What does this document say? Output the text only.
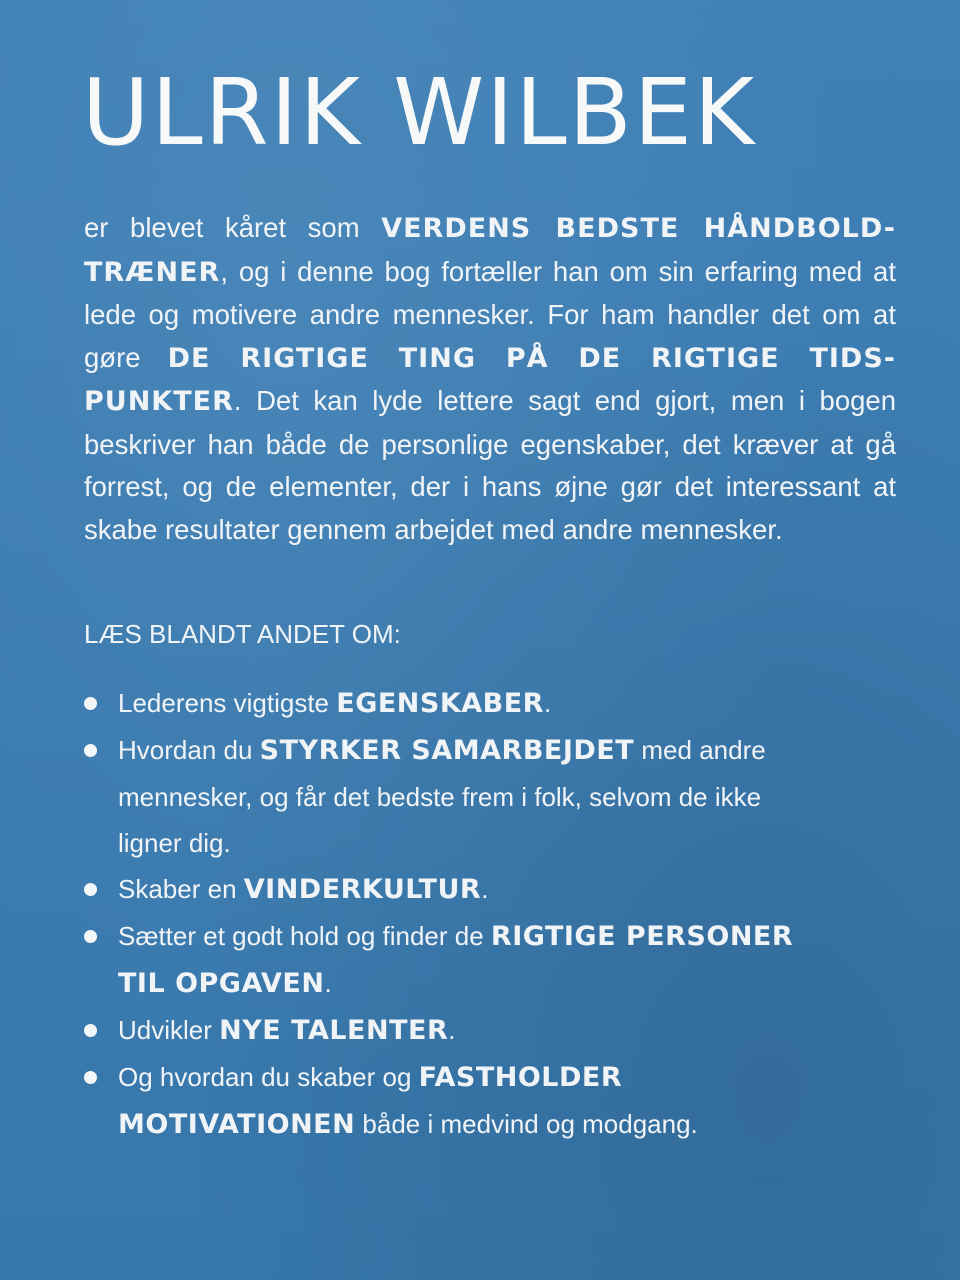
ULRIK WILBEK

er blevet kåret som VERDENS BEDSTE HÅNDBOLD-TRÆNER, og i denne bog fortæller han om sin erfaring med at lede og motivere andre mennesker. For ham handler det om at gøre DE RIGTIGE TING PÅ DE RIGTIGE TIDS-PUNKTER. Det kan lyde lettere sagt end gjort, men i bogen beskriver han både de personlige egenskaber, det kræver at gå forrest, og de elementer, der i hans øjne gør det interessant at skabe resultater gennem arbejdet med andre mennesker.

LÆS BLANDT ANDET OM:
Lederens vigtigste EGENSKABER.
Hvordan du STYRKER SAMARBEJDET med andre mennesker, og får det bedste frem i folk, selvom de ikke ligner dig.
Skaber en VINDERKULTUR.
Sætter et godt hold og finder de RIGTIGE PERSONER TIL OPGAVEN.
Udvikler NYE TALENTER.
Og hvordan du skaber og FASTHOLDER MOTIVATIONEN både i medvind og modgang.
